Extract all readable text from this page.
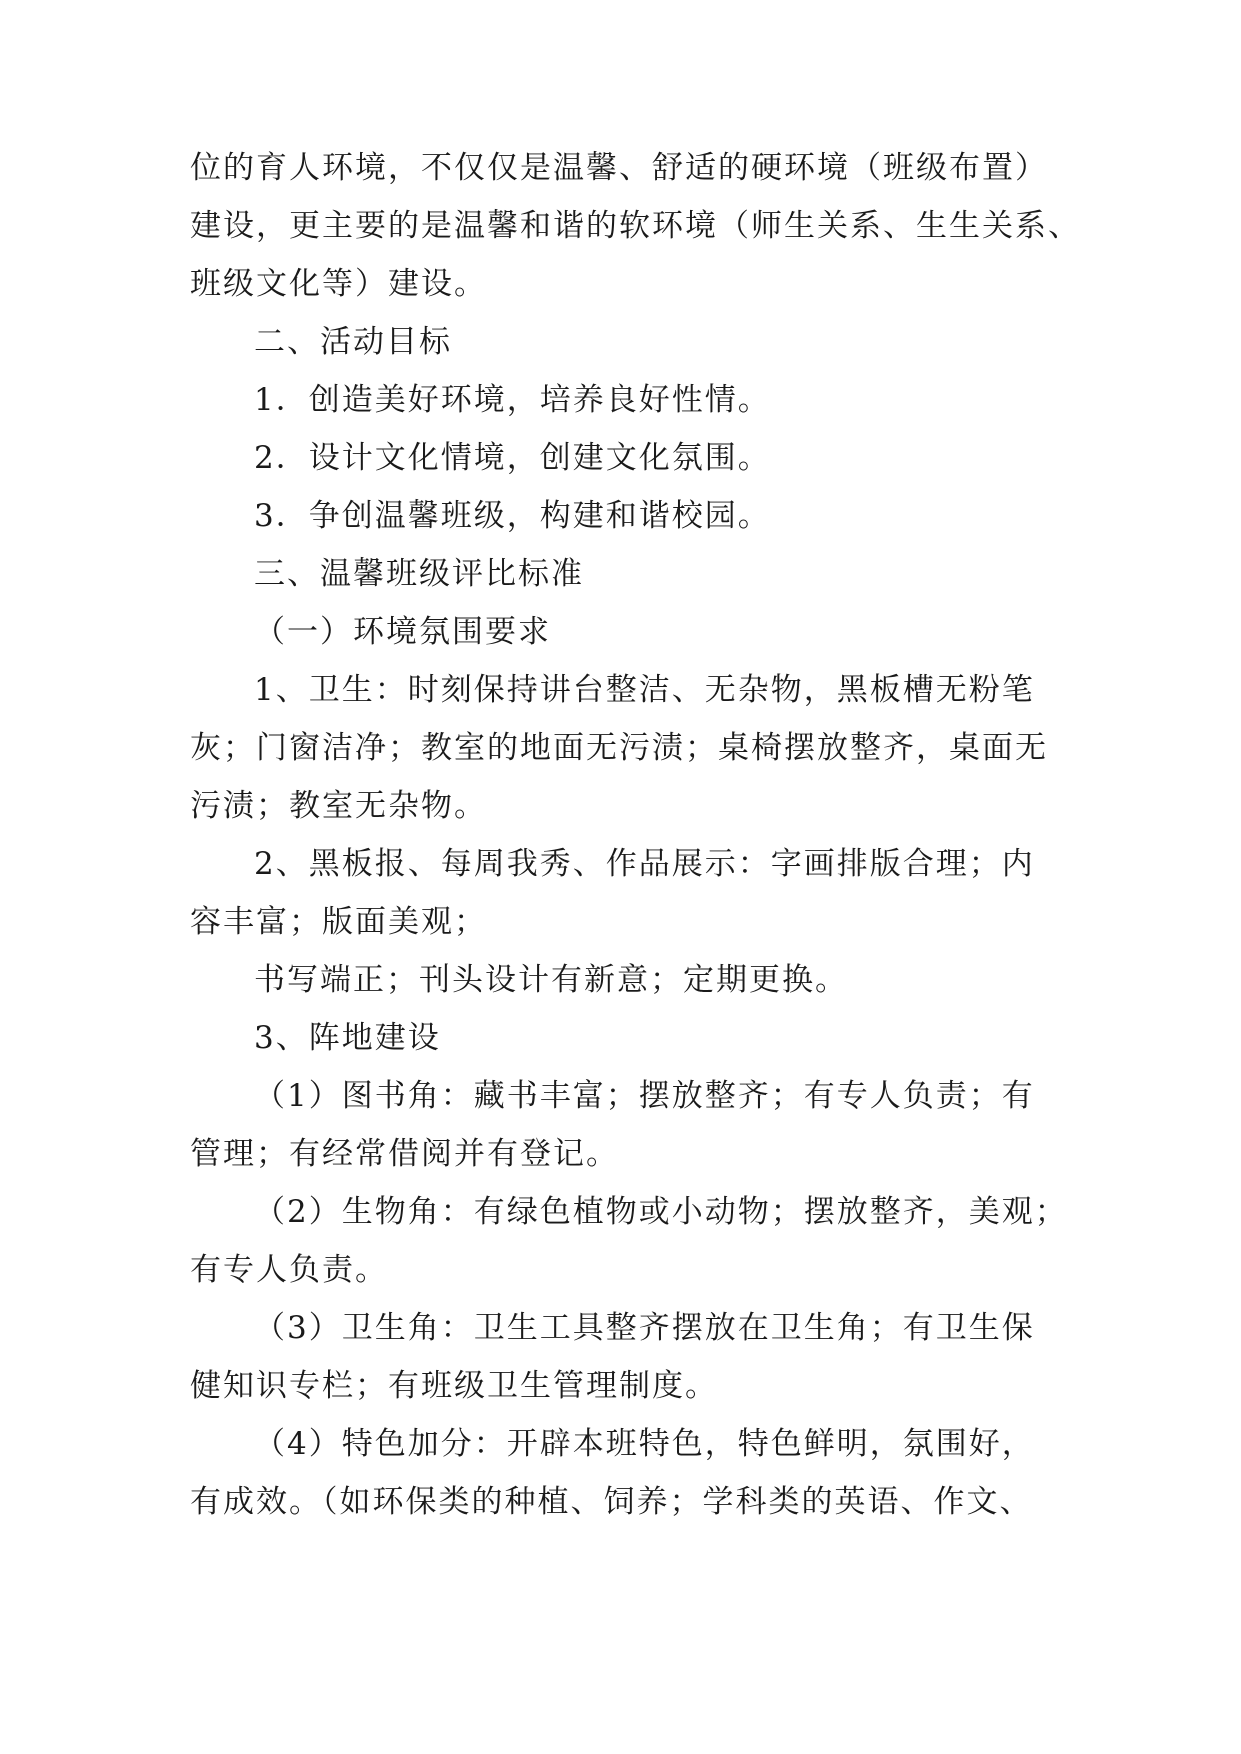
位的育人环境，不仅仅是温馨、舒适的硬环境（班级布置）
建设，更主要的是温馨和谐的软环境（师生关系、生生关系、
班级文化等）建设。
二、活动目标
1．创造美好环境，培养良好性情。
2．设计文化情境，创建文化氛围。
3．争创温馨班级，构建和谐校园。
三、温馨班级评比标准
（一）环境氛围要求
1、卫生：时刻保持讲台整洁、无杂物，黑板槽无粉笔
灰；门窗洁净；教室的地面无污渍；桌椅摆放整齐，桌面无
污渍；教室无杂物。
2、黑板报、每周我秀、作品展示：字画排版合理；内
容丰富；版面美观；
书写端正；刊头设计有新意；定期更换。
3、阵地建设
（1）图书角：藏书丰富；摆放整齐；有专人负责；有
管理；有经常借阅并有登记。
（2）生物角：有绿色植物或小动物；摆放整齐，美观；
有专人负责。
（3）卫生角：卫生工具整齐摆放在卫生角；有卫生保
健知识专栏；有班级卫生管理制度。
（4）特色加分：开辟本班特色，特色鲜明，氛围好，
有成效。（如环保类的种植、饲养；学科类的英语、作文、
